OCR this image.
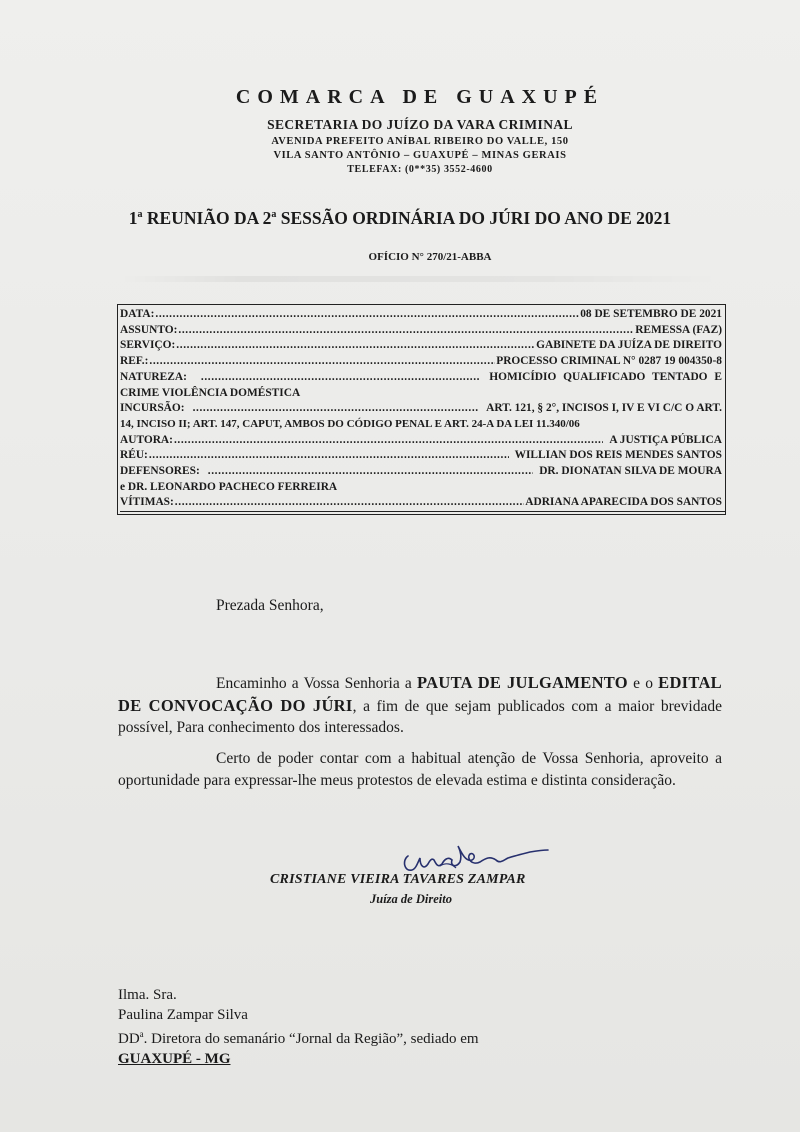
COMARCA DE GUAXUPÉ
SECRETARIA DO JUÍZO DA VARA CRIMINAL
AVENIDA PREFEITO ANÍBAL RIBEIRO DO VALLE, 150
VILA SANTO ANTÔNIO – GUAXUPÉ – MINAS GERAIS
TELEFAX: (0**35) 3552-4600
1$^a$ REUNIÃO DA 2$^a$ SESSÃO ORDINÁRIA DO JÚRI DO ANO DE 2021
OFÍCIO N° 270/21-ABBA
DATA: .....	08 DE SETEMBRO DE 2021
ASSUNTO: .....	REMESSA (FAZ)
SERVIÇO: .....	GABINETE DA JUÍZA DE DIREITO
REF.: .....	PROCESSO CRIMINAL N° 0287 19 004350-8
NATUREZA: .....	HOMICÍDIO QUALIFICADO TENTADO E
CRIME VIOLÊNCIA DOMÉSTICA
INCURSÃO: .....	ART. 121, § 2°, INCISOS I, IV E VI C/C O ART.
14, INCISO II; ART. 147, CAPUT, AMBOS DO CÓDIGO PENAL E ART. 24-A DA LEI 11.340/06
AUTORA: .....	A JUSTIÇA PÚBLICA
RÉU: .....	WILLIAN DOS REIS MENDES SANTOS
DEFENSORES: .....	DR. DIONATAN SILVA DE MOURA
e DR. LEONARDO PACHECO FERREIRA
VÍTIMAS: .....	ADRIANA APARECIDA DOS SANTOS
Prezada Senhora,
Encaminho a Vossa Senhoria a PAUTA DE JULGAMENTO e o EDITAL DE CONVOCAÇÃO DO JÚRI, a fim de que sejam publicados com a maior brevidade possível, Para conhecimento dos interessados.
Certo de poder contar com a habitual atenção de Vossa Senhoria, aproveito a oportunidade para expressar-lhe meus protestos de elevada estima e distinta consideração.
CRISTIANE VIEIRA TAVARES ZAMPAR
Juíza de Direito
Ilma. Sra.
Paulina Zampar Silva
$DD^a$. Diretora do semanário “Jornal da Região”, sediado em
GUAXUPÉ - MG
